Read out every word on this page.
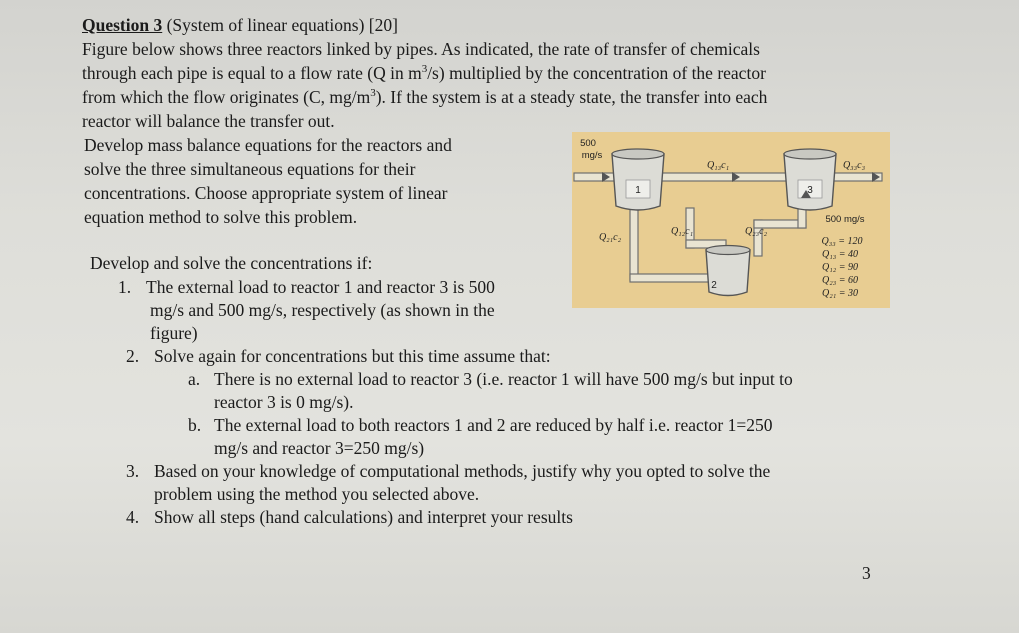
Question 3 (System of linear equations) [20]
Figure below shows three reactors linked by pipes. As indicated, the rate of transfer of chemicals
through each pipe is equal to a flow rate (Q in $m^3/s$) multiplied by the concentration of the reactor
from which the flow originates (C, $mg/m^3$). If the system is at a steady state, the transfer into each
reactor will balance the transfer out.
Develop mass balance equations for the reactors and
solve the three simultaneous equations for their
concentrations. Choose appropriate system of linear
equation method to solve this problem.
Develop and solve the concentrations if:
1. The external load to reactor 1 and reactor 3 is 500
mg/s and 500 mg/s, respectively (as shown in the
figure)
2. Solve again for concentrations but this time assume that:
a. There is no external load to reactor 3 (i.e. reactor 1 will have 500 mg/s but input to
reactor 3 is 0 mg/s).
b. The external load to both reactors 1 and 2 are reduced by half i.e. reactor 1=250
mg/s and reactor 3=250 mg/s)
3. Based on your knowledge of computational methods, justify why you opted to solve the
problem using the method you selected above.
4. Show all steps (hand calculations) and interpret your results
3
1	3
2
500
mg/s
Q₁₃c₁	Q₃₃c₃
Q₂₁c₂
Q₁₂c₁	Q₂₃c₂
500 mg/s
Q₃₃ = 120
Q₁₃ = 40
Q₁₂ = 90
Q₂₃ = 60
Q₂₁ = 30
